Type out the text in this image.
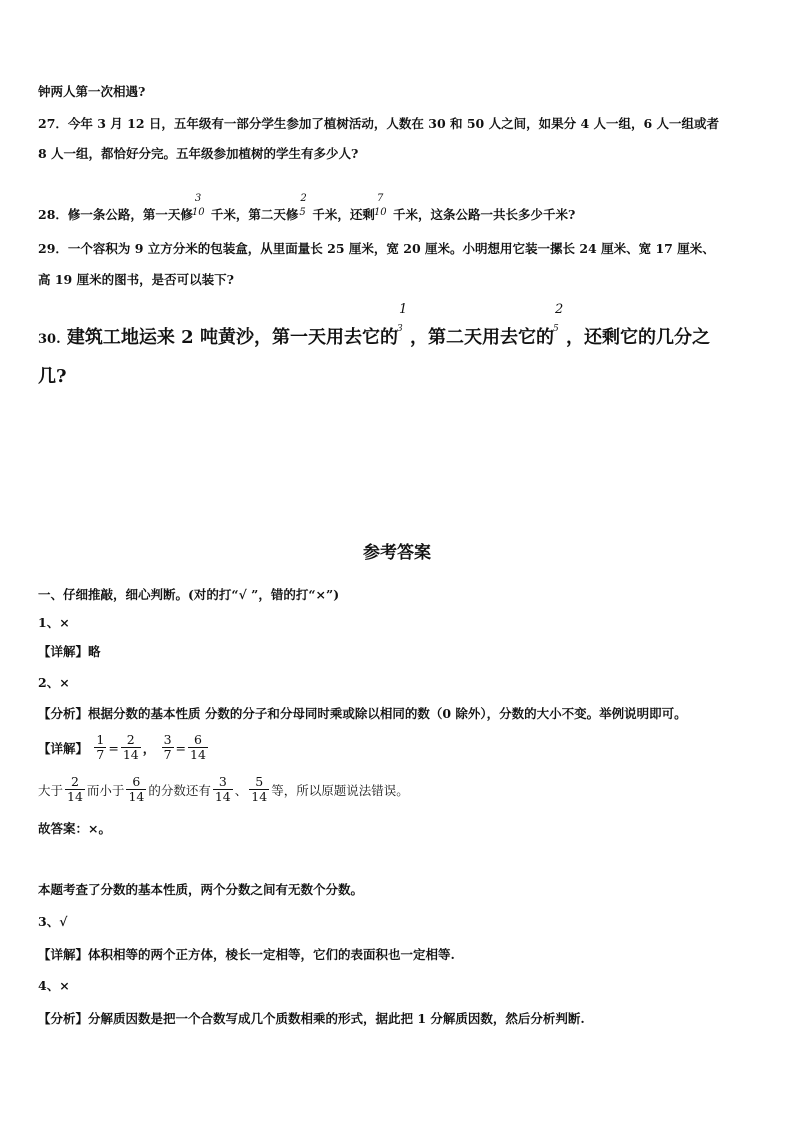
钟两人第一次相遇?
27．今年 3 月 12 日，五年级有一部分学生参加了植树活动，人数在 30 和 50 人之间，如果分 4 人一组，6 人一组或者
8 人一组，都恰好分完。五年级参加植树的学生有多少人?
28．修一条公路，第一天修
3
10 千米，第二天修
2
5 千米，还剩
7
10 千米，这条公路一共长多少千米?
29．一个容积为 9 立方分米的包装盒，从里面量长 25 厘米，宽 20 厘米。小明想用它装一摞长 24 厘米、宽 17 厘米、
高 19 厘米的图书，是否可以装下?
30. 建筑工地运来 2 吨黄沙，第一天用去它的
1
3 ，第二天用去它的
2
5 ，还剩它的几分之
几?
参考答案
一、仔细推敲，细心判断。(对的打“√ ”，错的打“×”)
1、×
【详解】略
2、×
【分析】根据分数的基本性质 分数的分子和分母同时乘或除以相同的数（0 除外），分数的大小不变。举例说明即可。
【详解】 $\frac{1}{7} = \frac{2}{14}$ ， $\frac{3}{7} = \frac{6}{14}$
大于 $\frac{2}{14}$ 而小于 $\frac{6}{14}$ 的分数还有 $\frac{3}{14}$ 、 $\frac{5}{14}$ 等，所以原题说法错误。
故答案：×。
本题考查了分数的基本性质，两个分数之间有无数个分数。
3、√
【详解】体积相等的两个正方体，棱长一定相等，它们的表面积也一定相等.
4、×
【分析】分解质因数是把一个合数写成几个质数相乘的形式，据此把 1 分解质因数，然后分析判断.
